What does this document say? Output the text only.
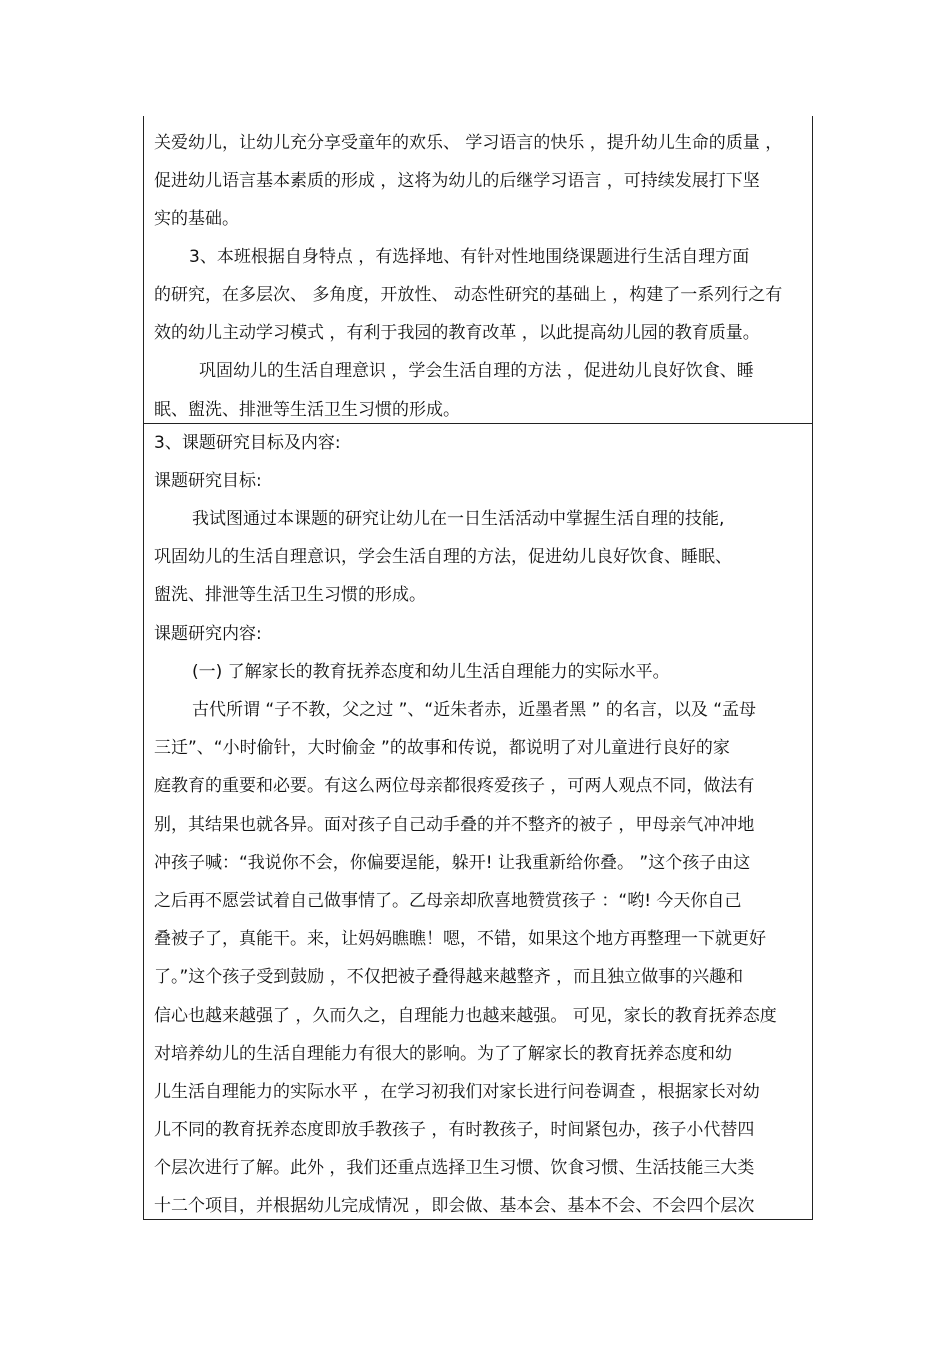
关爱幼儿，让幼儿充分享受童年的欢乐、 学习语言的快乐 ，提升幼儿生命的质量 ，
促进幼儿语言基本素质的形成 ，这将为幼儿的后继学习语言 ，可持续发展打下坚
实的基础。
3、本班根据自身特点 ，有选择地、有针对性地围绕课题进行生活自理方面
的研究，在多层次、 多角度，开放性、 动态性研究的基础上 ，构建了一系列行之有
效的幼儿主动学习模式 ，有利于我园的教育改革 ，以此提高幼儿园的教育质量。
巩固幼儿的生活自理意识 ，学会生活自理的方法 ，促进幼儿良好饮食、睡
眠、盥洗、排泄等生活卫生习惯的形成。
3、课题研究目标及内容:
课题研究目标:
我试图通过本课题的研究让幼儿在一日生活活动中掌握生活自理的技能,
巩固幼儿的生活自理意识，学会生活自理的方法，促进幼儿良好饮食、睡眠、
盥洗、排泄等生活卫生习惯的形成。
课题研究内容:
(一) 了解家长的教育抚养态度和幼儿生活自理能力的实际水平。
古代所谓 “子不教，父之过 ”、“近朱者赤，近墨者黑 ” 的名言，以及 “孟母
三迁”、“小时偷针，大时偷金 ”的故事和传说，都说明了对儿童进行良好的家
庭教育的重要和必要。有这么两位母亲都很疼爱孩子 ，可两人观点不同，做法有
别，其结果也就各异。面对孩子自己动手叠的并不整齐的被子 ，甲母亲气冲冲地
冲孩子喊：“我说你不会，你偏要逞能，躲开! 让我重新给你叠。 ”这个孩子由这
之后再不愿尝试着自己做事情了。乙母亲却欣喜地赞赏孩子 ：“哟! 今天你自己
叠被子了，真能干。来，让妈妈瞧瞧！嗯，不错，如果这个地方再整理一下就更好
了。”这个孩子受到鼓励 ，不仅把被子叠得越来越整齐 ，而且独立做事的兴趣和
信心也越来越强了 ，久而久之，自理能力也越来越强。 可见，家长的教育抚养态度
对培养幼儿的生活自理能力有很大的影响。为了了解家长的教育抚养态度和幼
儿生活自理能力的实际水平 ，在学习初我们对家长进行问卷调查 ，根据家长对幼
儿不同的教育抚养态度即放手教孩子 ，有时教孩子，时间紧包办，孩子小代替四
个层次进行了解。此外 ，我们还重点选择卫生习惯、饮食习惯、生活技能三大类
十二个项目，并根据幼儿完成情况 ，即会做、基本会、基本不会、不会四个层次
